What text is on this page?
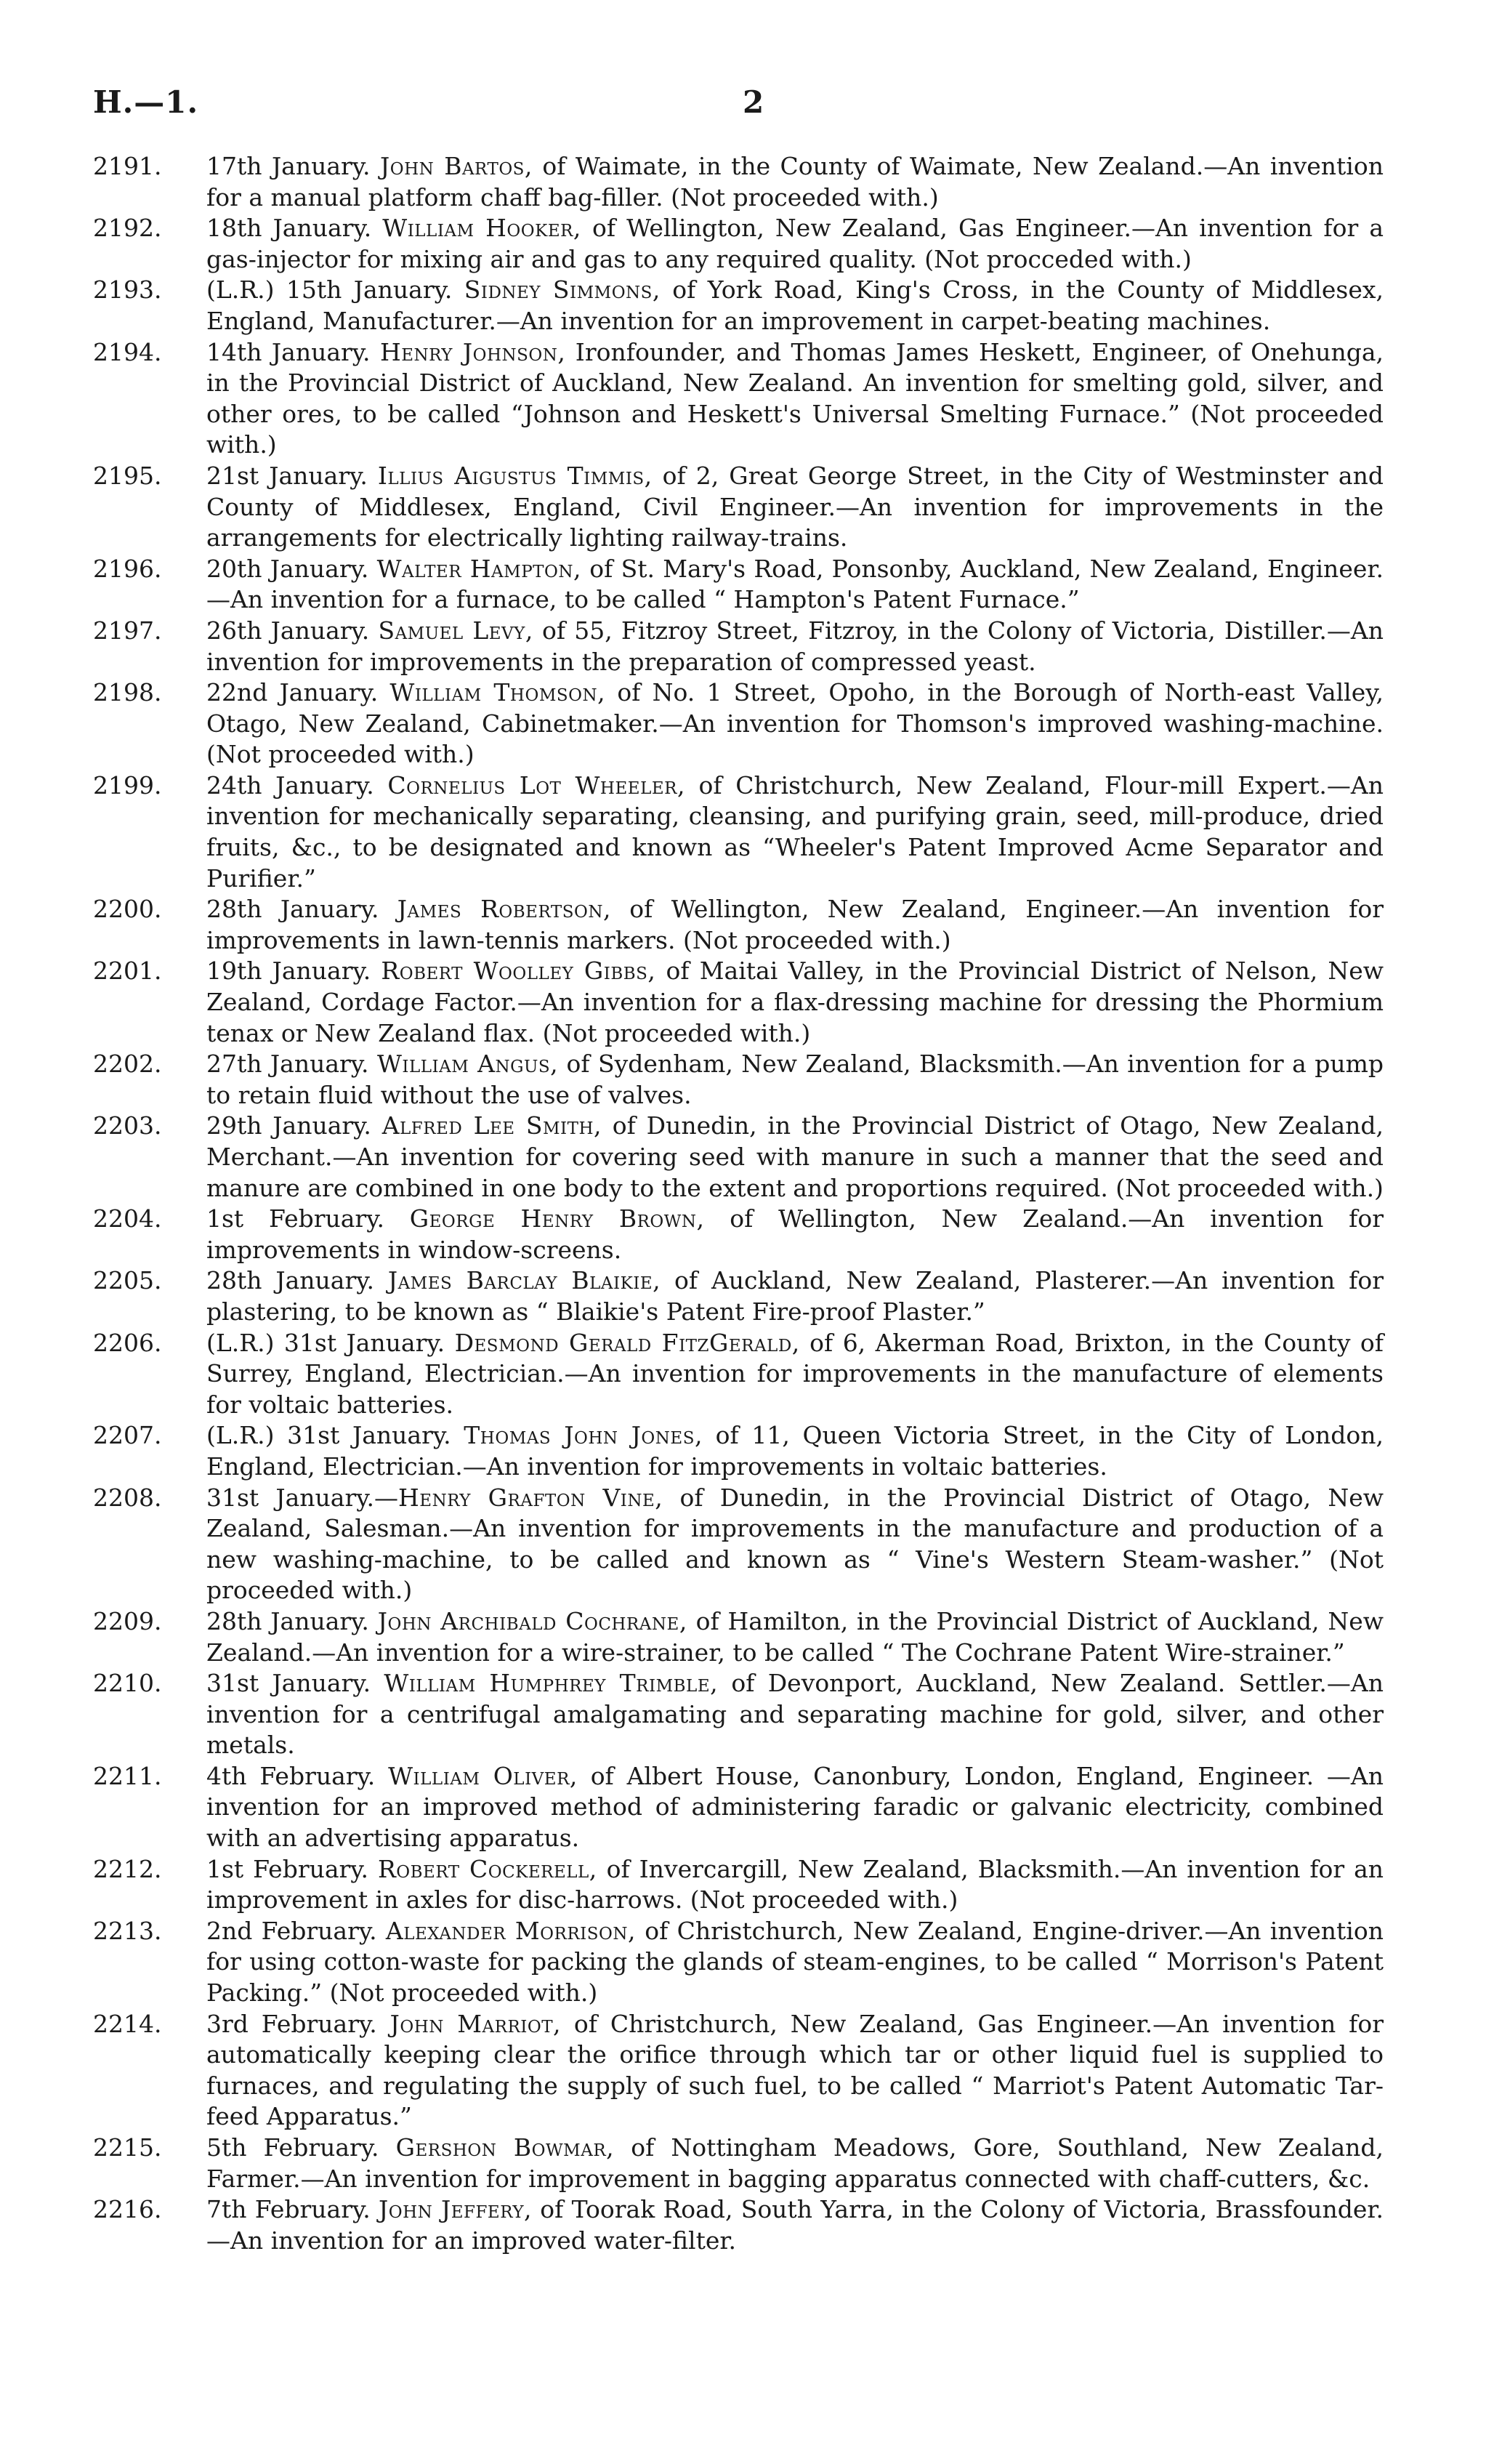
H.—1.	2
2191.	17th January. John Bartos, of Waimate, in the County of Waimate, New Zealand.—An invention for a manual platform chaff bag-filler. (Not proceeded with.)
2192.	18th January. William Hooker, of Wellington, New Zealand, Gas Engineer.—An invention for a gas-injector for mixing air and gas to any required quality. (Not procceded with.)
2193.	(L.R.) 15th January. Sidney Simmons, of York Road, King's Cross, in the County of Middlesex, England, Manufacturer.—An invention for an improvement in carpet-beating machines.
2194.	14th January. Henry Johnson, Ironfounder, and Thomas James Heskett, Engineer, of Onehunga, in the Provincial District of Auckland, New Zealand. An invention for smelting gold, silver, and other ores, to be called “Johnson and Heskett's Universal Smelting Furnace.” (Not proceeded with.)
2195.	21st January. Illius Aigustus Timmis, of 2, Great George Street, in the City of Westminster and County of Middlesex, England, Civil Engineer.—An invention for improvements in the arrangements for electrically lighting railway-trains.
2196.	20th January. Walter Hampton, of St. Mary's Road, Ponsonby, Auckland, New Zealand, Engineer.—An invention for a furnace, to be called “ Hampton's Patent Furnace.”
2197.	26th January. Samuel Levy, of 55, Fitzroy Street, Fitzroy, in the Colony of Victoria, Distiller.—An invention for improvements in the preparation of compressed yeast.
2198.	22nd January. William Thomson, of No. 1 Street, Opoho, in the Borough of North-east Valley, Otago, New Zealand, Cabinetmaker.—An invention for Thomson's improved washing-machine. (Not proceeded with.)
2199.	24th January. Cornelius Lot Wheeler, of Christchurch, New Zealand, Flour-mill Expert.—An invention for mechanically separating, cleansing, and purifying grain, seed, mill-produce, dried fruits, &c., to be designated and known as “Wheeler's Patent Improved Acme Separator and Purifier.”
2200.	28th January. James Robertson, of Wellington, New Zealand, Engineer.—An invention for improvements in lawn-tennis markers. (Not proceeded with.)
2201.	19th January. Robert Woolley Gibbs, of Maitai Valley, in the Provincial District of Nelson, New Zealand, Cordage Factor.—An invention for a flax-dressing machine for dressing the Phormium tenax or New Zealand flax. (Not proceeded with.)
2202.	27th January. William Angus, of Sydenham, New Zealand, Blacksmith.—An invention for a pump to retain fluid without the use of valves.
2203.	29th January. Alfred Lee Smith, of Dunedin, in the Provincial District of Otago, New Zealand, Merchant.—An invention for covering seed with manure in such a manner that the seed and manure are combined in one body to the extent and proportions required. (Not proceeded with.)
2204.	1st February. George Henry Brown, of Wellington, New Zealand.—An invention for improvements in window-screens.
2205.	28th January. James Barclay Blaikie, of Auckland, New Zealand, Plasterer.—An invention for plastering, to be known as “ Blaikie's Patent Fire-proof Plaster.”
2206.	(L.R.) 31st January. Desmond Gerald FitzGerald, of 6, Akerman Road, Brixton, in the County of Surrey, England, Electrician.—An invention for improvements in the manufacture of elements for voltaic batteries.
2207.	(L.R.) 31st January. Thomas John Jones, of 11, Queen Victoria Street, in the City of London, England, Electrician.—An invention for improvements in voltaic batteries.
2208.	31st January.—Henry Grafton Vine, of Dunedin, in the Provincial District of Otago, New Zealand, Salesman.—An invention for improvements in the manufacture and production of a new washing-machine, to be called and known as “ Vine's Western Steam-washer.” (Not proceeded with.)
2209.	28th January. John Archibald Cochrane, of Hamilton, in the Provincial District of Auckland, New Zealand.—An invention for a wire-strainer, to be called “ The Cochrane Patent Wire-strainer.”
2210.	31st January. William Humphrey Trimble, of Devonport, Auckland, New Zealand. Settler.—An invention for a centrifugal amalgamating and separating machine for gold, silver, and other metals.
2211.	4th February. William Oliver, of Albert House, Canonbury, London, England, Engineer. —An invention for an improved method of administering faradic or galvanic electricity, combined with an advertising apparatus.
2212.	1st February. Robert Cockerell, of Invercargill, New Zealand, Blacksmith.—An invention for an improvement in axles for disc-harrows. (Not proceeded with.)
2213.	2nd February. Alexander Morrison, of Christchurch, New Zealand, Engine-driver.—An invention for using cotton-waste for packing the glands of steam-engines, to be called “ Morrison's Patent Packing.” (Not proceeded with.)
2214.	3rd February. John Marriot, of Christchurch, New Zealand, Gas Engineer.—An invention for automatically keeping clear the orifice through which tar or other liquid fuel is supplied to furnaces, and regulating the supply of such fuel, to be called “ Marriot's Patent Automatic Tar-feed Apparatus.”
2215.	5th February. Gershon Bowmar, of Nottingham Meadows, Gore, Southland, New Zealand, Farmer.—An invention for improvement in bagging apparatus connected with chaff-cutters, &c.
2216.	7th February. John Jeffery, of Toorak Road, South Yarra, in the Colony of Victoria, Brassfounder.—An invention for an improved water-filter.
